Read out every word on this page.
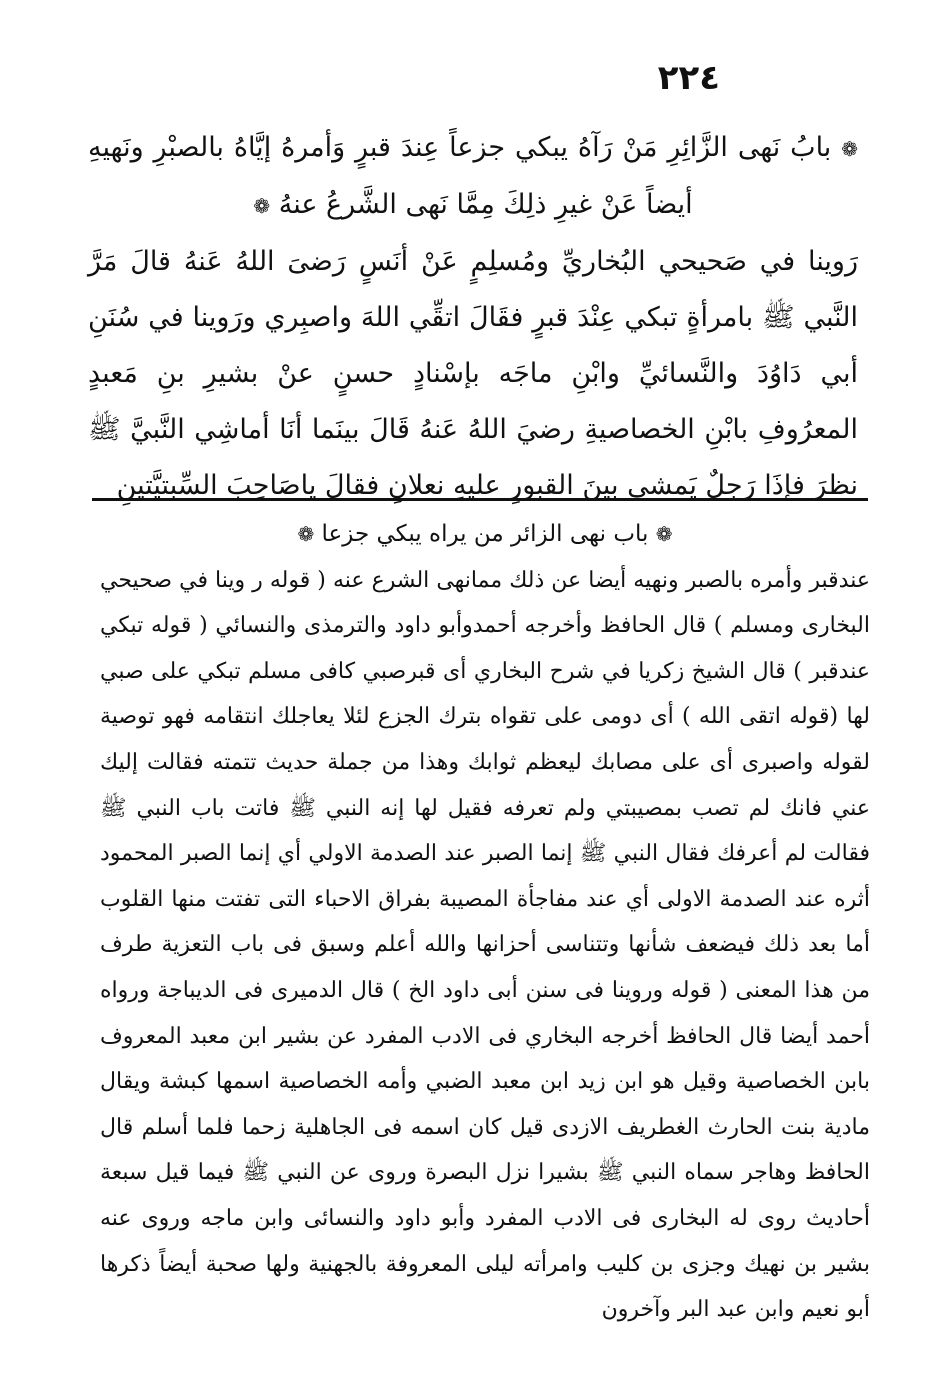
٢٢٤

❁ بابُ نَهى الزَّائِرِ مَنْ رَآهُ يبكي جزعاً عِندَ قبرٍ وَأمرهُ إيَّاهُ بالصبْرِ ونَهيهِ أيضاً عَنْ غيرِ ذلِكَ مِمَّا نَهى الشَّرعُ عنهُ ❁

رَوينا في صَحيحي البُخاريِّ ومُسلِمٍ عَنْ أنَسٍ رَضىَ اللهُ عَنهُ قالَ مَرَّ النَّبي ﷺ بامرأةٍ تبكي عِنْدَ قبرٍ فقَالَ اتقِّي اللهَ واصبِري ورَوينا في سُنَنِ أبي دَاوُدَ والنَّسائيِّ وابْنِ ماجَه بإسْنادٍ حسنٍ عنْ بشيرِ بنِ مَعبدٍ المعرُوفِ بابْنِ الخصاصيةِ رضيَ اللهُ عَنهُ قَالَ بينَما أنَا أماشِي النَّبيَّ ﷺ نظرَ فإذَا رَجلٌ يَمشي بينَ القبورِ عليهِ نعلانِ فقالَ ياصَاحِبَ السِّبتيَّتينِ

❁ باب نهى الزائر من يراه يبكي جزعا ❁

عندقبر وأمره بالصبر ونهيه أيضا عن ذلك ممانهى الشرع عنه ( قوله ر وينا في صحيحي البخارى ومسلم ) قال الحافظ وأخرجه أحمدوأبو داود والترمذى والنسائي ( قوله تبكي عندقبر ) قال الشيخ زكريا في شرح البخاري أى قبرصبي كافى مسلم تبكي على صبي لها (قوله اتقى الله ) أى دومى على تقواه بترك الجزع لئلا يعاجلك انتقامه فهو توصية لقوله واصبرى أى على مصابك ليعظم ثوابك وهذا من جملة حديث تتمته فقالت إليك عني فانك لم تصب بمصيبتي ولم تعرفه فقيل لها إنه النبي ﷺ فاتت باب النبي ﷺ فقالت لم أعرفك فقال النبي ﷺ إنما الصبر عند الصدمة الاولي أي إنما الصبر المحمود أثره عند الصدمة الاولى أي عند مفاجأة المصيبة بفراق الاحباء التى تفتت منها القلوب أما بعد ذلك فيضعف شأنها وتتناسى أحزانها والله أعلم وسبق فى باب التعزية طرف من هذا المعنى ( قوله وروينا فى سنن أبى داود الخ ) قال الدميرى فى الديباجة ورواه أحمد أيضا قال الحافظ أخرجه البخاري فى الادب المفرد عن بشير ابن معبد المعروف بابن الخصاصية وقيل هو ابن زيد ابن معبد الضبي وأمه الخصاصية اسمها كبشة ويقال مادية بنت الحارث الغطريف الازدى قيل كان اسمه فى الجاهلية زحما فلما أسلم قال الحافظ وهاجر سماه النبي ﷺ بشيرا نزل البصرة وروى عن النبي ﷺ فيما قيل سبعة أحاديث روى له البخارى فى الادب المفرد وأبو داود والنسائى وابن ماجه وروى عنه بشير بن نهيك وجزى بن كليب وامرأته ليلى المعروفة بالجهنية ولها صحبة أيضاً ذكرها أبو نعيم وابن عبد البر وآخرون
